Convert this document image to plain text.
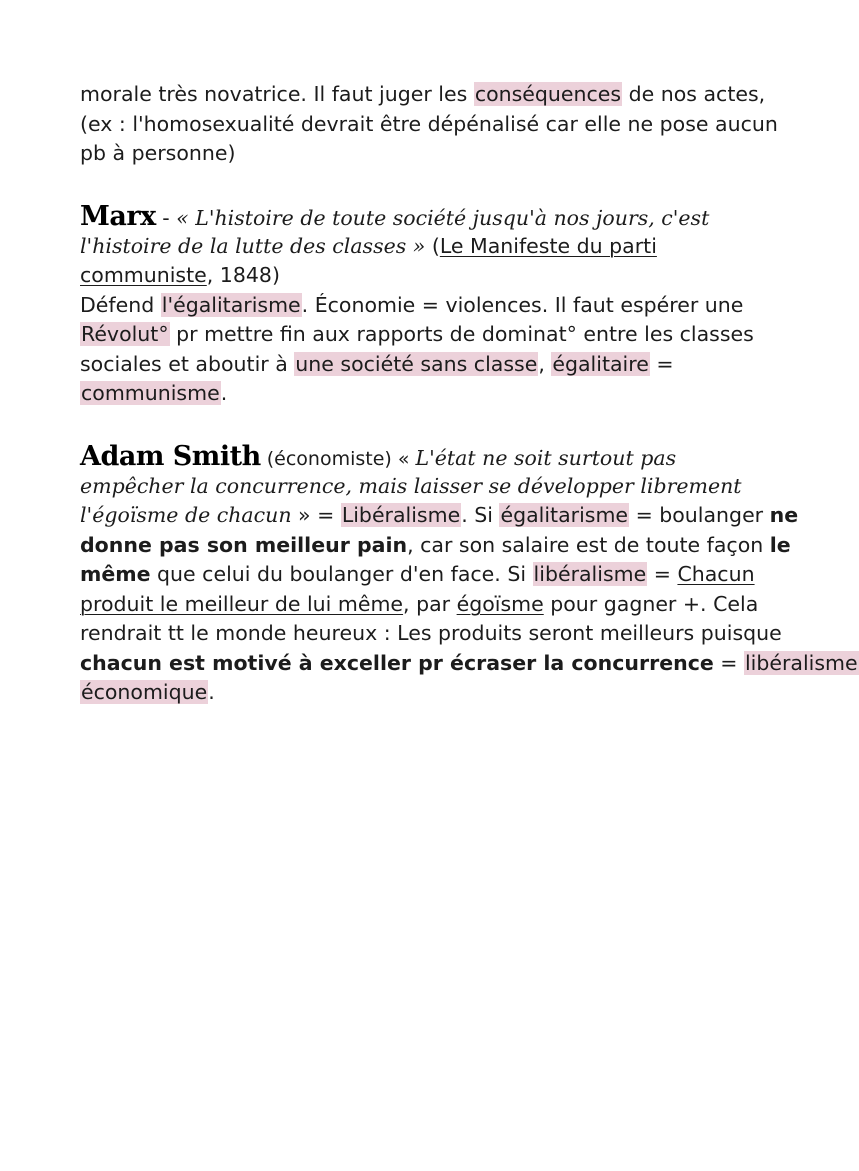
morale très novatrice. Il faut juger les conséquences de nos actes,
(ex : l'homosexualité devrait être dépénalisé car elle ne pose aucun
pb à personne)
Marx - « L'histoire de toute société jusqu'à nos jours, c'est
l'histoire de la lutte des classes » (Le Manifeste du parti
communiste, 1848)
Défend l'égalitarisme. Économie = violences. Il faut espérer une
Révolut° pr mettre fin aux rapports de dominat° entre les classes
sociales et aboutir à une société sans classe, égalitaire =
communisme.
Adam Smith (économiste) « L'état ne soit surtout pas
empêcher la concurrence, mais laisser se développer librement
l'égoïsme de chacun » = Libéralisme. Si égalitarisme = boulanger ne
donne pas son meilleur pain, car son salaire est de toute façon le
même que celui du boulanger d'en face. Si libéralisme = Chacun
produit le meilleur de lui même, par égoïsme pour gagner +. Cela
rendrait tt le monde heureux : Les produits seront meilleurs puisque
chacun est motivé à exceller pr écraser la concurrence = libéralisme
économique.
